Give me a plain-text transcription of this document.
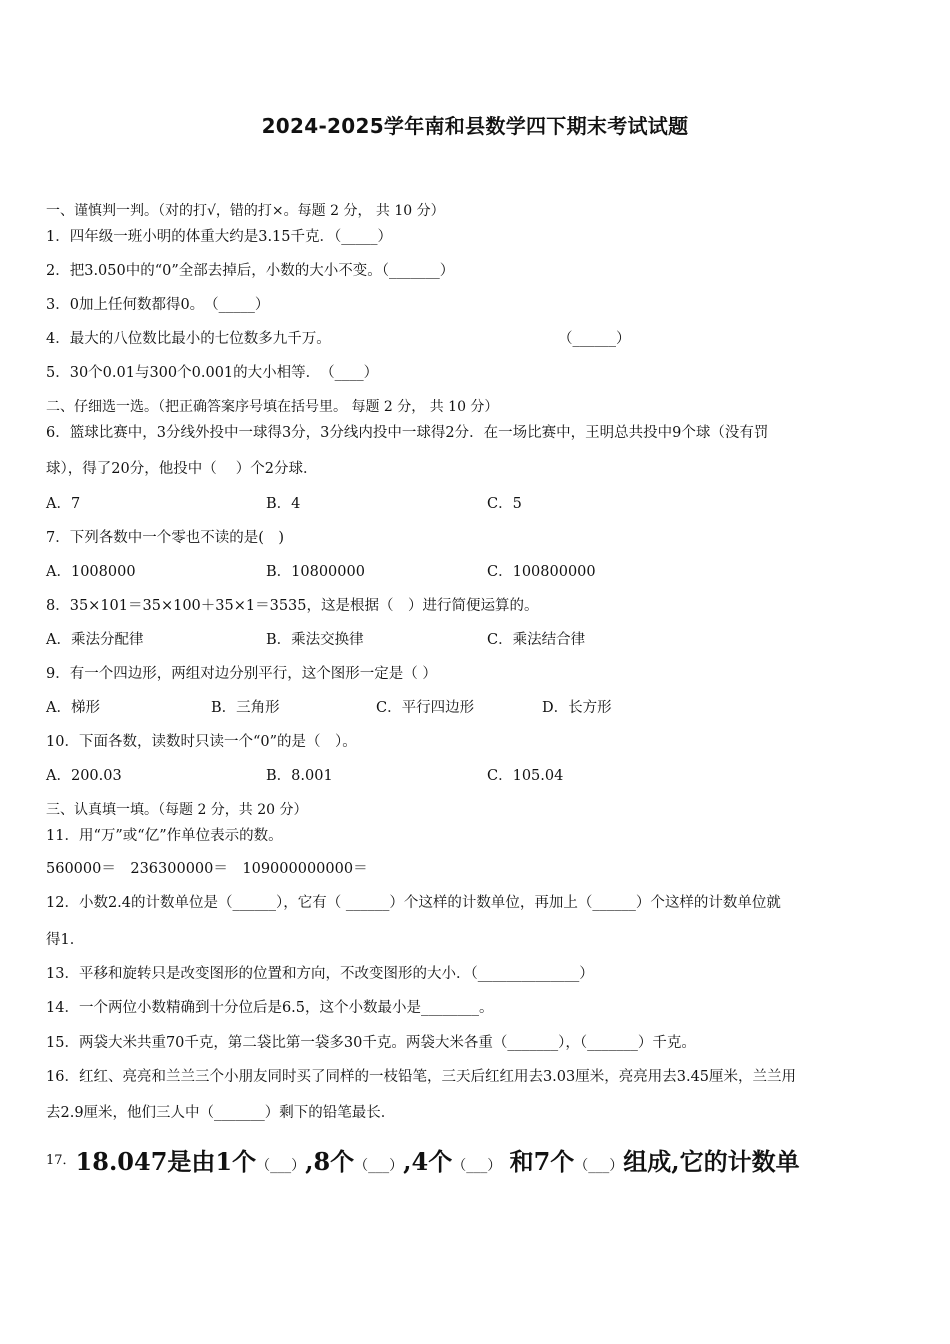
2024-2025学年南和县数学四下期末考试试题
一、谨慎判一判。（对的打√，错的打×。每题 2 分， 共 10 分）
1．四年级一班小明的体重大约是3.15千克．（_____）
2．把3.050中的“0”全部去掉后，小数的大小不变。（_______）
3．0加上任何数都得0。　（_____）
4．最大的八位数比最小的七位数多九千万。	（______）
5．30个0.01与300个0.001的大小相等．　（____）
二、仔细选一选。（把正确答案序号填在括号里。 每题 2 分， 共 10 分）
6．篮球比赛中，3分线外投中一球得3分，3分线内投中一球得2分．在一场比赛中，王明总共投中9个球（没有罚
球），得了20分，他投中（　 ）个2分球．
A．7	B．4	C．5
7．下列各数中一个零也不读的是(　)
A．1008000	B．10800000	C．100800000
8．35×101＝35×100＋35×1＝3535，这是根据（　）进行简便运算的。
A．乘法分配律	B．乘法交换律	C．乘法结合律
9．有一个四边形，两组对边分别平行，这个图形一定是（ ）
A．梯形	B．三角形	C．平行四边形	D．长方形
10．下面各数，读数时只读一个“0”的是（　）。
A．200.03	B．8.001	C．105.04
三、认真填一填。（每题 2 分，共 20 分）
11．用“万”或“亿”作单位表示的数。
560000＝　236300000＝　109000000000＝
12．小数2.4的计数单位是（______），它有（ ______）个这样的计数单位，再加上（______）个这样的计数单位就
得1．
13．平移和旋转只是改变图形的位置和方向，不改变图形的大小．（______________）
14．一个两位小数精确到十分位后是6.5，这个小数最小是________。
15．两袋大米共重70千克，第二袋比第一袋多30千克。两袋大米各重（_______），（_______）千克。
16．红红、亮亮和兰兰三个小朋友同时买了同样的一枝铅笔，三天后红红用去3.03厘米，亮亮用去3.45厘米，兰兰用
去2.9厘米，他们三人中（_______）剩下的铅笔最长．
$^{17.}$18.047是由1个（___）,8个（___）,4个（___） 和7个（___）组成,它的计数单
